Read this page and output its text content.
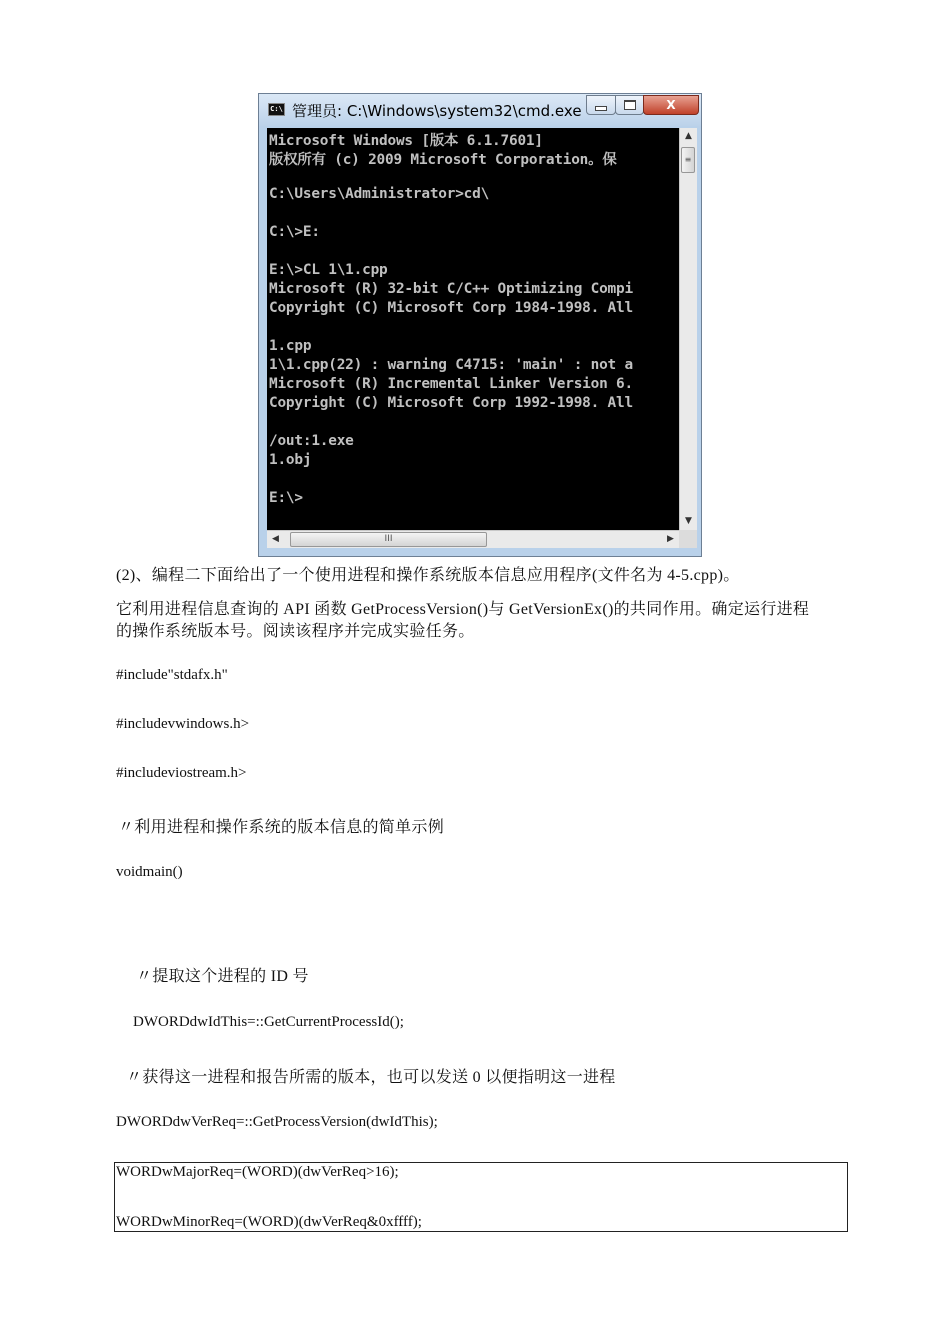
C:\ 管理员: C:\Windows\system32\cmd.exe	X
Microsoft Windows [版本 6.1.7601]
版权所有 (c) 2009 Microsoft Corporation。保
C:\Users\Administrator>cd\
C:\>E:
E:\>CL 1\1.cpp
Microsoft (R) 32-bit C/C++ Optimizing Compi
Copyright (C) Microsoft Corp 1984-1998. All
1.cpp
1\1.cpp(22) : warning C4715: 'main' : not a
Microsoft (R) Incremental Linker Version 6.
Copyright (C) Microsoft Corp 1992-1998. All
/out:1.exe
1.obj
E:\>
▲
≡
▼
◀	III	▶
(2)、编程二下面给出了一个使用进程和操作系统版本信息应用程序(文件名为 4-5.cpp)。
它利用进程信息查询的 API 函数 GetProcessVersion()与 GetVersionEx()的共同作用。确定运行进程
的操作系统版本号。阅读该程序并完成实验任务。
#include"stdafx.h"
#includevwindows.h>
#includeviostream.h>
〃利用进程和操作系统的版本信息的简单示例
voidmain()
〃提取这个进程的 ID 号
DWORDdwIdThis=::GetCurrentProcessId();
〃获得这一进程和报告所需的版本，也可以发送 0 以便指明这一进程
DWORDdwVerReq=::GetProcessVersion(dwIdThis);
WORDwMajorReq=(WORD)(dwVerReq>16);
WORDwMinorReq=(WORD)(dwVerReq&0xffff);
